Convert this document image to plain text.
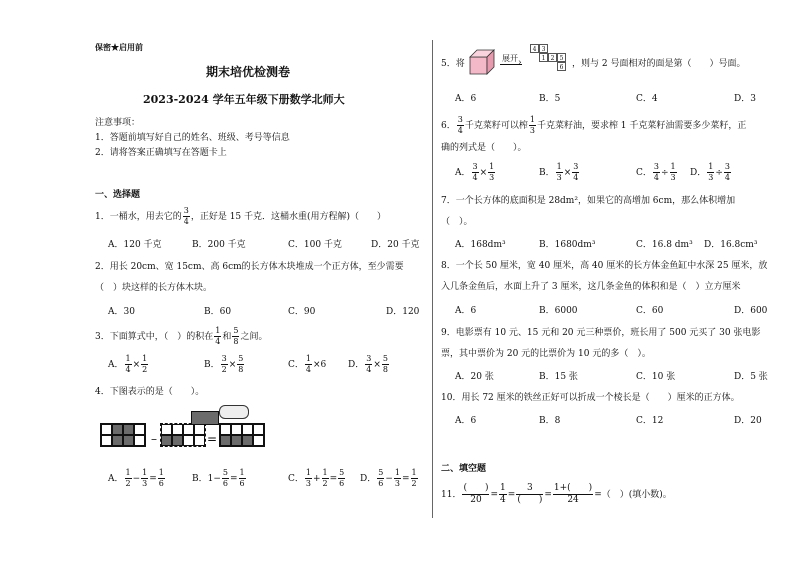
保密★启用前
期末培优检测卷
2023-2024 学年五年级下册数学北师大
注意事项：
1．答题前填写好自己的姓名、班级、考号等信息
2．请将答案正确填写在答题卡上
一、选择题
1．一桶水，用去它的 $\frac{3}{4}$ ，正好是 15 千克．这桶水重(用方程解)（　　）
A．120 千克	B．200 千克	C．100 千克	D．20 千克
2．用长 20cm、宽 15cm、高 6cm的长方体木块堆成一个正方体，至少需要
（　）块这样的长方体木块。
A．30	B．60	C．90	D．120
3．下面算式中，（　）的积在 $\frac{1}{4}$ 和 $\frac{5}{8}$ 之间。
A． $\frac{1}{4} \times \frac{1}{2}$	B． $\frac{3}{2} \times \frac{5}{8}$	C． $\frac{1}{4} \times 6$ D． $\frac{3}{4} \times \frac{5}{8}$
4．下图表示的是（　　）。
–	=
A． $\frac{1}{2} - \frac{1}{3} = \frac{1}{6}$	B．$1- \frac{5}{6} = \frac{1}{6}$	C． $\frac{1}{3} + \frac{1}{2} = \frac{5}{6}$ D． $\frac{5}{6} - \frac{1}{3} = \frac{1}{2}$
5．将
展开 ›
4 3
1 2 5
6 ，则与 2 号面相对的面是第（　　）号面。
A．6	B．5	C．4	D．3
6． $\frac{3}{4}$ 千克菜籽可以榨 $\frac{1}{3}$ 千克菜籽油，要求榨 1 千克菜籽油需要多少菜籽，正
确的列式是（　　）。
A． $\frac{3}{4} \times \frac{1}{3}$	B． $\frac{1}{3} \times \frac{3}{4}$	C． $\frac{3}{4} \div \frac{1}{3}$ D． $\frac{1}{3} \div \frac{3}{4}$
7．一个长方体的底面积是 28dm²，如果它的高增加 6cm，那么体积增加
（　）。
A．168dm³	B．1680dm³	C．16.8 dm³ D．16.8cm³
8．一个长 50 厘米，宽 40 厘米，高 40 厘米的长方体金鱼缸中水深 25 厘米，放
入几条金鱼后，水面上升了 3 厘米，这几条金鱼的体积和是（　）立方厘米
A．6	B．6000	C．60	D．600
9．电影票有 10 元、15 元和 20 元三种票价，班长用了 500 元买了 30 张电影
票，其中票价为 20 元的比票价为 10 元的多（　）。
A．20 张	B．15 张	C．10 张	D．5 张
10．用长 72 厘米的铁丝正好可以折成一个棱长是（　　）厘米的正方体。
A．6	B．8	C．12	D．20
二、填空题
11． $\frac{( )}{20} = \frac{1}{4} = \frac{3}{( )} = \frac{1+( )}{24}$ =（　）(填小数)。
